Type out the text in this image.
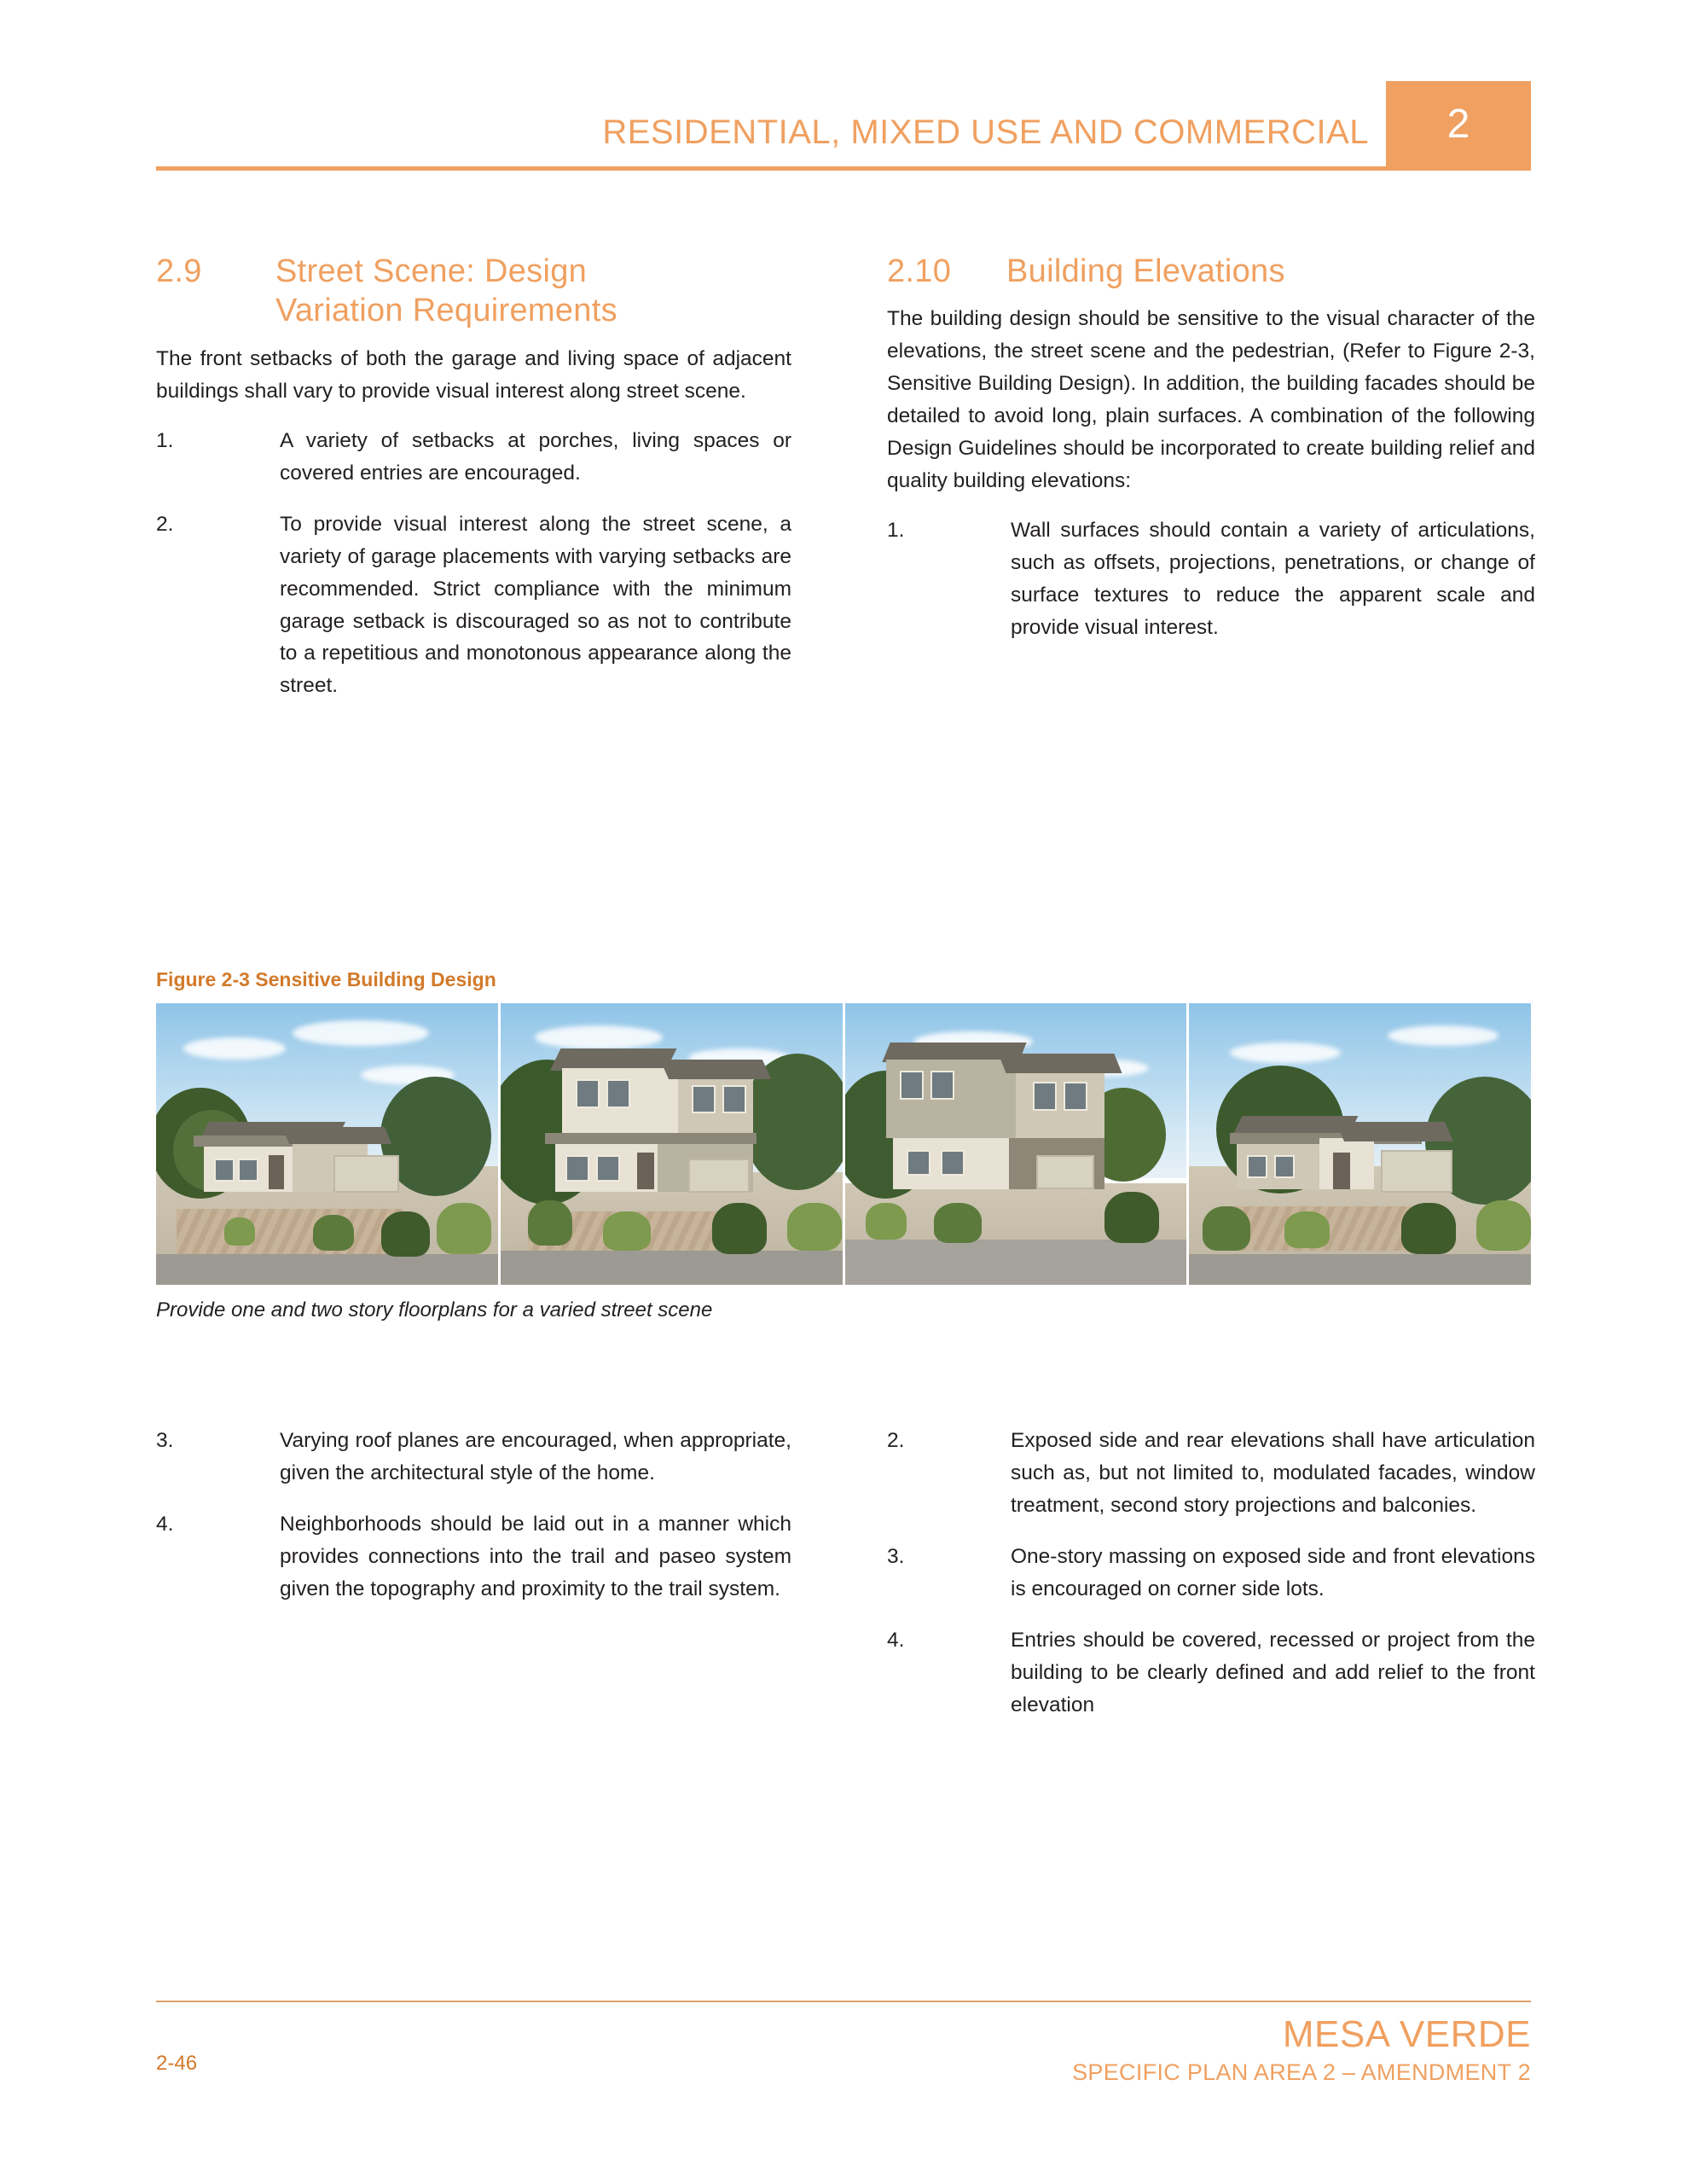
RESIDENTIAL, MIXED USE AND COMMERCIAL	2
2.9	Street Scene: Design
Variation Requirements

The front setbacks of both the garage and living space of adjacent buildings shall vary to provide visual interest along street scene.

1.	A variety of setbacks at porches, living spaces or covered entries are encouraged.
2.	To provide visual interest along the street scene, a variety of garage placements with varying setbacks are recommended. Strict compliance with the minimum garage setback is discouraged so as not to contribute to a repetitious and monotonous appearance along the street.
2.10	Building Elevations

The building design should be sensitive to the visual character of the elevations, the street scene and the pedestrian, (Refer to Figure 2-3, Sensitive Building Design). In addition, the building facades should be detailed to avoid long, plain surfaces. A combination of the following Design Guidelines should be incorporated to create building relief and quality building elevations:

1.	Wall surfaces should contain a variety of articulations, such as offsets, projections, penetrations, or change of surface textures to reduce the apparent scale and provide visual interest.
Figure 2-3 Sensitive Building Design
Provide one and two story floorplans for a varied street scene
3.	Varying roof planes are encouraged, when appropriate, given the architectural style of the home.
4.	Neighborhoods should be laid out in a manner which provides connections into the trail and paseo system given the topography and proximity to the trail system.
2.	Exposed side and rear elevations shall have articulation such as, but not limited to, modulated facades, window treatment, second story projections and balconies.
3.	One-story massing on exposed side and front elevations is encouraged on corner side lots.
4.	Entries should be covered, recessed or project from the building to be clearly defined and add relief to the front elevation
2-46
MESA VERDE
SPECIFIC PLAN AREA 2 – AMENDMENT 2
